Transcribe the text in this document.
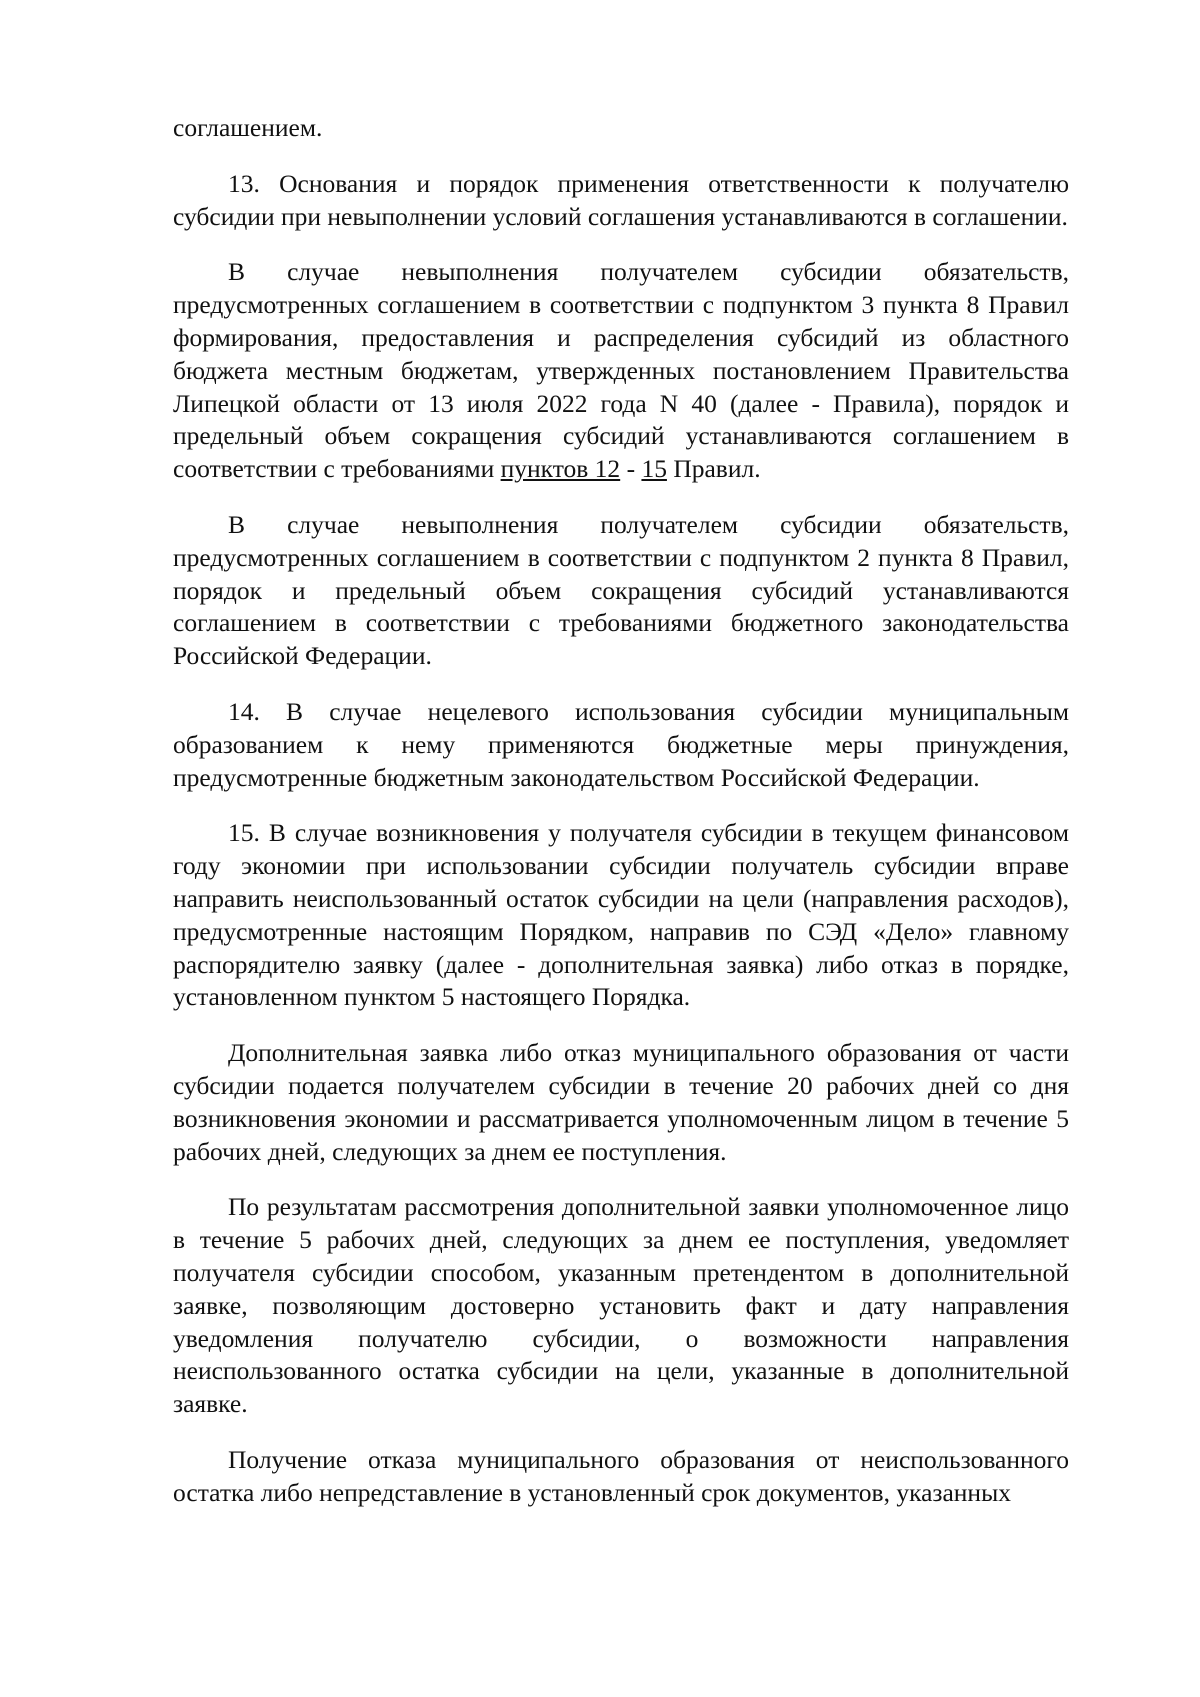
соглашением.

13. Основания и порядок применения ответственности к получателю субсидии при невыполнении условий соглашения устанавливаются в соглашении.

В случае невыполнения получателем субсидии обязательств, предусмотренных соглашением в соответствии с подпунктом 3 пункта 8 Правил формирования, предоставления и распределения субсидий из областного бюджета местным бюджетам, утвержденных постановлением Правительства Липецкой области от 13 июля 2022 года N 40 (далее - Правила), порядок и предельный объем сокращения субсидий устанавливаются соглашением в соответствии с требованиями пунктов 12 - 15 Правил.

В случае невыполнения получателем субсидии обязательств, предусмотренных соглашением в соответствии с подпунктом 2 пункта 8 Правил, порядок и предельный объем сокращения субсидий устанавливаются соглашением в соответствии с требованиями бюджетного законодательства Российской Федерации.

14. В случае нецелевого использования субсидии муниципальным образованием к нему применяются бюджетные меры принуждения, предусмотренные бюджетным законодательством Российской Федерации.

15. В случае возникновения у получателя субсидии в текущем финансовом году экономии при использовании субсидии получатель субсидии вправе направить неиспользованный остаток субсидии на цели (направления расходов), предусмотренные настоящим Порядком, направив по СЭД «Дело» главному распорядителю заявку (далее - дополнительная заявка) либо отказ в порядке, установленном пунктом 5 настоящего Порядка.

Дополнительная заявка либо отказ муниципального образования от части субсидии подается получателем субсидии в течение 20 рабочих дней со дня возникновения экономии и рассматривается уполномоченным лицом в течение 5 рабочих дней, следующих за днем ее поступления.

По результатам рассмотрения дополнительной заявки уполномоченное лицо в течение 5 рабочих дней, следующих за днем ее поступления, уведомляет получателя субсидии способом, указанным претендентом в дополнительной заявке, позволяющим достоверно установить факт и дату направления уведомления получателю субсидии, о возможности направления неиспользованного остатка субсидии на цели, указанные в дополнительной заявке.

Получение отказа муниципального образования от неиспользованного остатка либо непредставление в установленный срок документов, указанных
